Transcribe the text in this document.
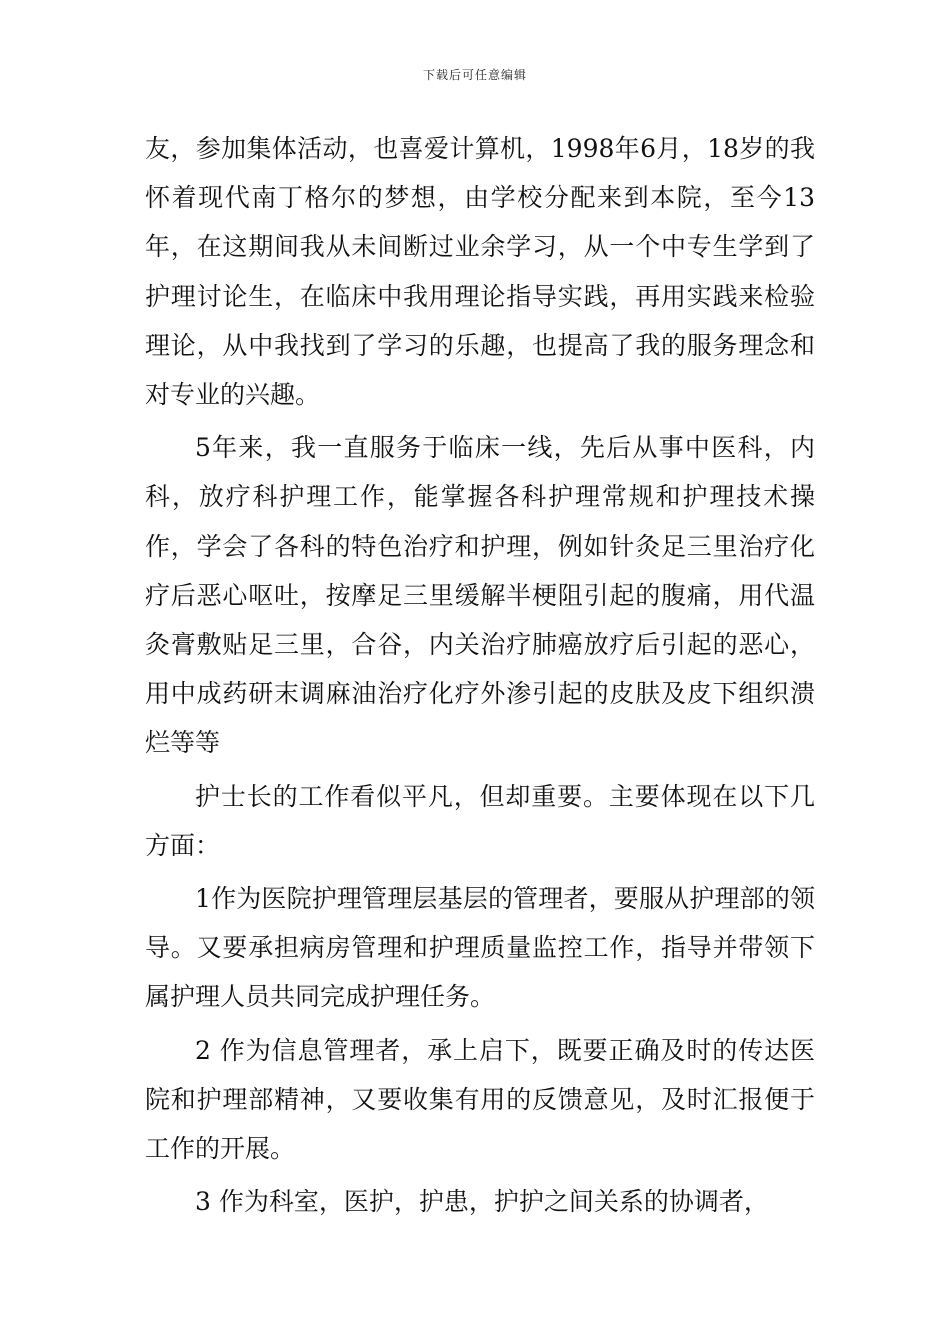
下载后可任意编辑

友，参加集体活动，也喜爱计算机，1998年6月，18岁的我怀着现代南丁格尔的梦想，由学校分配来到本院，至今13年，在这期间我从未间断过业余学习，从一个中专生学到了护理讨论生，在临床中我用理论指导实践，再用实践来检验理论，从中我找到了学习的乐趣，也提高了我的服务理念和对专业的兴趣。

5年来，我一直服务于临床一线，先后从事中医科，内科，放疗科护理工作，能掌握各科护理常规和护理技术操作，学会了各科的特色治疗和护理，例如针灸足三里治疗化疗后恶心呕吐，按摩足三里缓解半梗阻引起的腹痛，用代温灸膏敷贴足三里，合谷，内关治疗肺癌放疗后引起的恶心，用中成药研末调麻油治疗化疗外渗引起的皮肤及皮下组织溃烂等等

护士长的工作看似平凡，但却重要。主要体现在以下几方面：

1作为医院护理管理层基层的管理者，要服从护理部的领导。又要承担病房管理和护理质量监控工作，指导并带领下属护理人员共同完成护理任务。

2 作为信息管理者，承上启下，既要正确及时的传达医院和护理部精神，又要收集有用的反馈意见，及时汇报便于工作的开展。

3 作为科室，医护，护患，护护之间关系的协调者，
